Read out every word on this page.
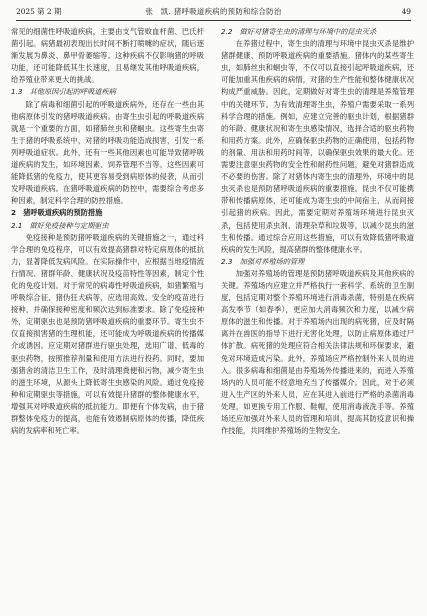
2025 第 2 期	张　凯. 猪呼吸道疾病的预防和综合防治	49

常见的细菌性呼吸道疾病，主要由支气管败血杆菌、巴氏杆菌引起。病猪最初表现出长时间不断打喷嚏的症状，随后逐渐发展为鼻炎、鼻甲骨萎缩等。这种疾病不仅影响猪的呼吸功能，还可能降低其生长速度，且易继发其他呼吸道疾病，给养殖业带来更大的挑战。

1.3　其他原因引起的呼吸道疾病

除了病毒和细菌引起的呼吸道疾病外，还存在一些由其他病原体引发的猪呼吸道疾病。由寄生虫引起的呼吸道疾病就是一个重要的方面，如猪肺丝虫和猪蛔虫。这些寄生虫寄生于猪的呼吸系统中，对猪的呼吸功能造成损害，引发一系列呼吸道症状。此外，还有一些其他因素也可能导致猪呼吸道疾病的发生，如环境因素、饲养管理不当等。这些因素可能降低猪的免疫力，使其更容易受到病原体的侵袭，从而引发呼吸道疾病。在猪呼吸道疾病的防控中，需要综合考虑多种因素，制定科学合理的防控措施。

2　猪呼吸道疾病的预防措施

2.1　做好免疫接种与定期驱虫

免疫接种是预防猪呼吸道疾病的关键措施之一，通过科学合理的免疫程序，可以有效提高猪群对特定病原体的抵抗力，显著降低发病风险。在实际操作中，应根据当地疫情流行情况、猪群年龄、健康状况及疫苗特性等因素，制定个性化的免疫计划。对于常见的病毒性呼吸道疾病，如猪繁殖与呼吸综合征、猪伪狂犬病等，应选用高效、安全的疫苗进行接种，并确保接种密度和频次达到标准要求。除了免疫接种外，定期驱虫也是预防猪呼吸道疾病的重要环节。寄生虫不仅直接损害猪的生理机能，还可能成为呼吸道疾病的传播媒介或诱因。应定期对猪群进行驱虫处理，选用广谱、低毒的驱虫药物，按照推荐剂量和使用方法进行投药。同时，要加强猪舍的清洁卫生工作，及时清理粪便和污物，减少寄生虫的滋生环境，从源头上降低寄生虫感染的风险。通过免疫接种和定期驱虫等措施，可以有效提升猪群的整体健康水平，增强其对呼吸道疾病的抵抗能力。即便有个体发病，由于猪群整体免疫力的提高，也能有效遏制病原体的传播，降低疾病的发病率和死亡率。

2.2　做好对猪寄生虫的清理与环境中的昆虫灭杀

在养猪过程中，寄生虫的清理与环境中昆虫灭杀是维护猪群健康、预防呼吸道疾病的重要措施。猪体内的某些寄生虫，如肺丝虫和蛔虫等，不仅可以直接引起呼吸道疾病，还可能加重其他疾病的病情，对猪的生产性能和整体健康状况构成严重威胁。因此，定期做好对寄生虫的清理是养殖管理中的关键环节。为有效清理寄生虫，养殖户需要采取一系列科学合理的措施。例如，应建立完善的驱虫计划，根据猪群的年龄、健康状况和寄生虫感染情况，选择合适的驱虫药物和用药方案。此外，应确保驱虫药物的正确使用，包括药物的剂量、用法和用药时间等，以确保驱虫效果的最大化。还需要注意驱虫药物的安全性和耐药性问题，避免对猪群造成不必要的伤害。除了对猪体内寄生虫的清理外，环境中的昆虫灭杀也是预防猪呼吸道疾病的重要措施。昆虫不仅可能携带和传播病原体，还可能成为寄生虫的中间宿主，从而间接引起猪的疾病。因此，需要定期对养殖场环境进行昆虫灭杀，包括使用杀虫剂、清理杂草和垃圾等，以减少昆虫的滋生和传播。通过综合应用这些措施，可以有效降低猪呼吸道疾病的发生风险，提高猪群的整体健康水平。

2.3　加强对养殖场的管理

加强对养殖场的管理是预防猪呼吸道疾病及其他疾病的关键。养殖场内应建立并严格执行一套科学、系统的卫生制度，包括定期对整个养殖环境进行消毒杀菌，特别是在疾病高发季节（如春季），更应加大消毒频次和力度，以减少病原体的滋生和传播。对于养殖场内出现的病死猪，应及时隔离并在兽医的指导下进行无害化处理，以防止病原体通过尸体扩散。病死猪的处理应符合相关法律法规和环保要求，避免对环境造成污染。此外，养殖场应严格控制外来人员的进入。很多病毒和细菌是由养殖场外传播进来的，而进入养殖场内的人员可能不经意地充当了传播媒介。因此，对于必须进入生产区的外来人员，应在其进入前进行严格的杀菌消毒处理，如更换专用工作服、鞋帽，使用消毒液洗手等。养殖场还应加强对外来人员的管理和培训，提高其防疫意识和操作技能，共同维护养殖场的生物安全。
